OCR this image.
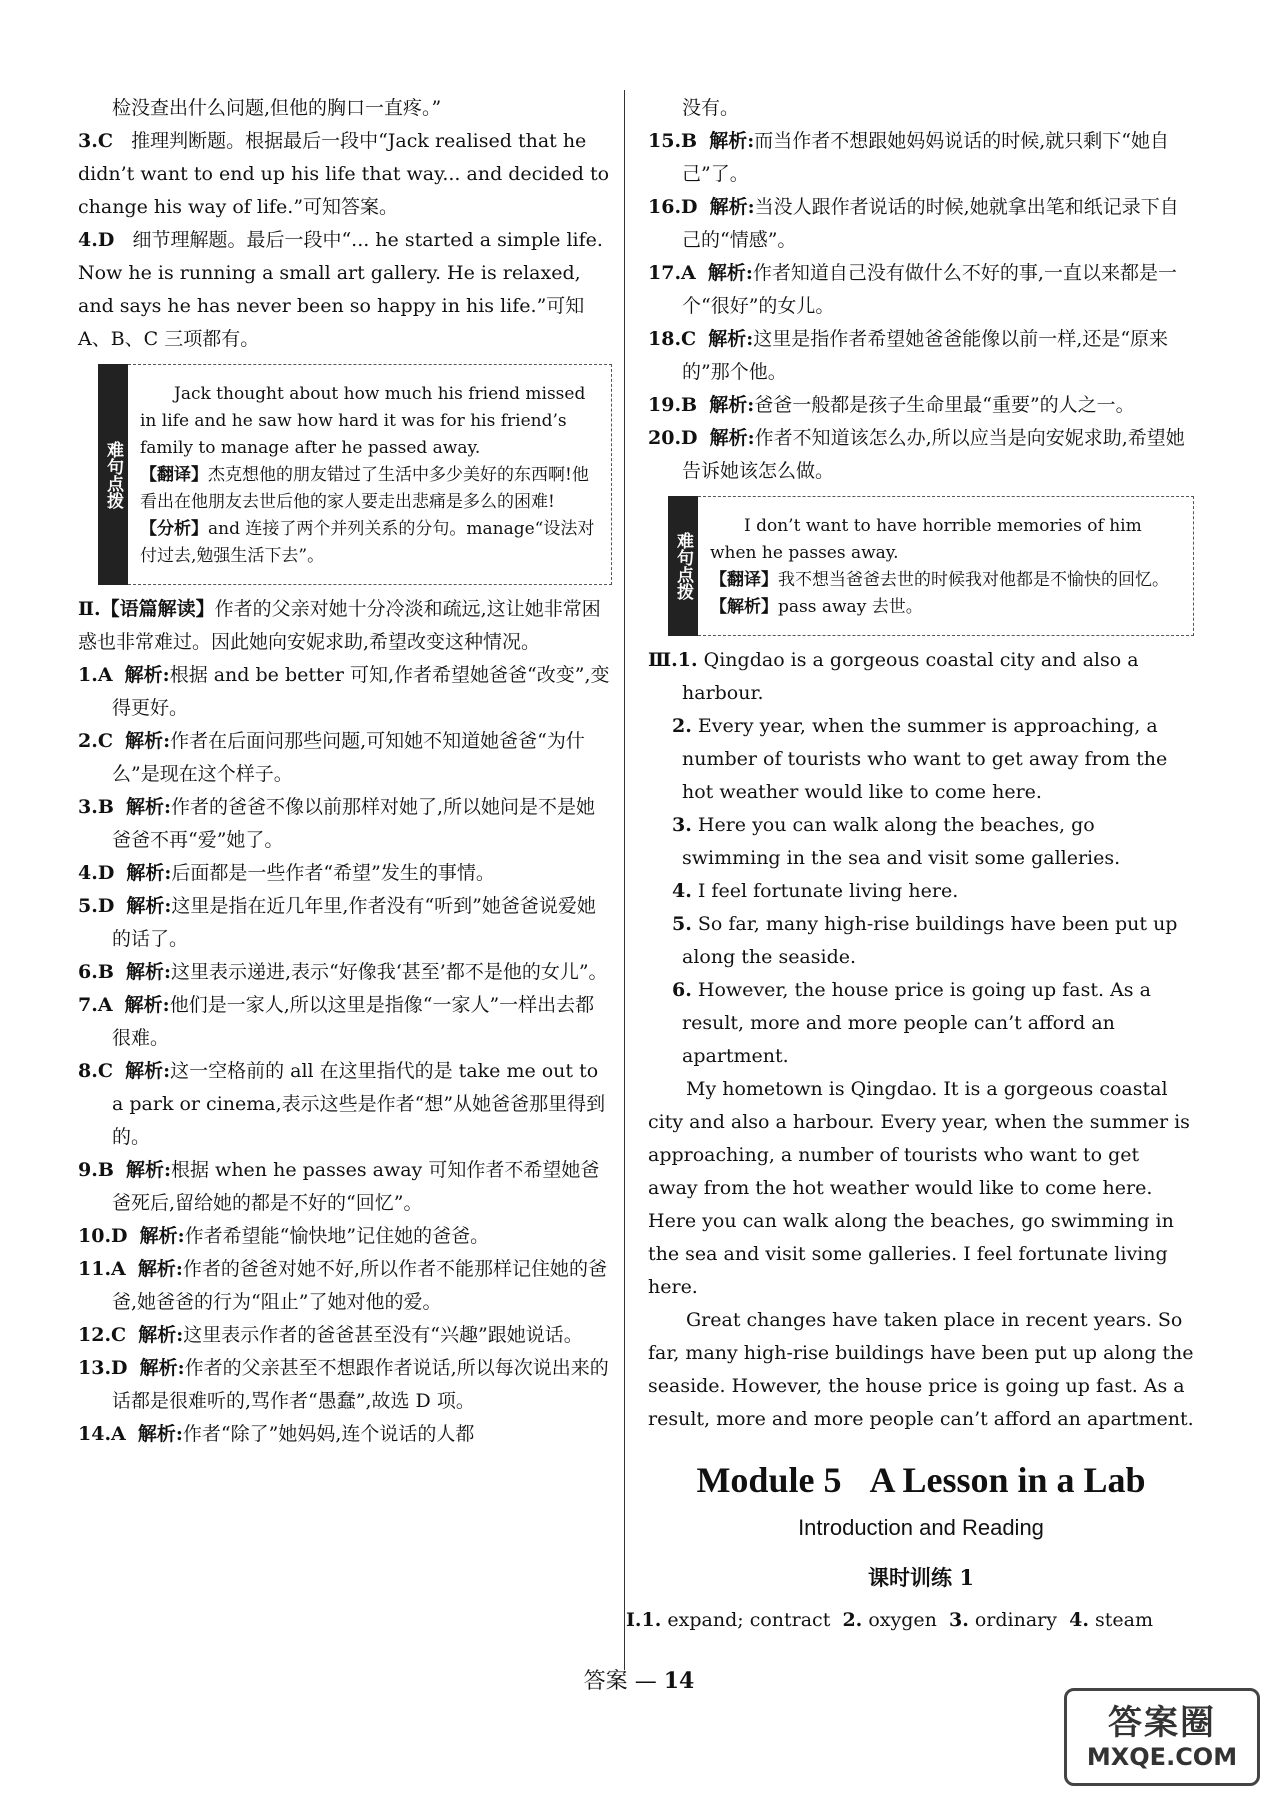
检没查出什么问题,但他的胸口一直疼。”

3.C 推理判断题。根据最后一段中“Jack realised that he didn’t want to end up his life that way... and decided to change his way of life.”可知答案。

4.D 细节理解题。最后一段中“... he started a simple life. Now he is running a small art gallery. He is relaxed, and says he has never been so happy in his life.”可知 A、B、C 三项都有。

难句点拨

Jack thought about how much his friend missed in life and he saw how hard it was for his friend’s family to manage after he passed away.

【翻译】杰克想他的朋友错过了生活中多少美好的东西啊!他看出在他朋友去世后他的家人要走出悲痛是多么的困难!

【分析】and 连接了两个并列关系的分句。manage“设法对付过去,勉强生活下去”。

Ⅱ.【语篇解读】作者的父亲对她十分冷淡和疏远,这让她非常困惑也非常难过。因此她向安妮求助,希望改变这种情况。

1.A 解析:根据 and be better 可知,作者希望她爸爸“改变”,变得更好。

2.C 解析:作者在后面问那些问题,可知她不知道她爸爸“为什么”是现在这个样子。

3.B 解析:作者的爸爸不像以前那样对她了,所以她问是不是她爸爸不再“爱”她了。

4.D 解析:后面都是一些作者“希望”发生的事情。

5.D 解析:这里是指在近几年里,作者没有“听到”她爸爸说爱她的话了。

6.B 解析:这里表示递进,表示“好像我‘甚至’都不是他的女儿”。

7.A 解析:他们是一家人,所以这里是指像“一家人”一样出去都很难。

8.C 解析:这一空格前的 all 在这里指代的是 take me out to a park or cinema,表示这些是作者“想”从她爸爸那里得到的。

9.B 解析:根据 when he passes away 可知作者不希望她爸爸死后,留给她的都是不好的“回忆”。

10.D 解析:作者希望能“愉快地”记住她的爸爸。

11.A 解析:作者的爸爸对她不好,所以作者不能那样记住她的爸爸,她爸爸的行为“阻止”了她对他的爱。

12.C 解析:这里表示作者的爸爸甚至没有“兴趣”跟她说话。

13.D 解析:作者的父亲甚至不想跟作者说话,所以每次说出来的话都是很难听的,骂作者“愚蠢”,故选 D 项。

14.A 解析:作者“除了”她妈妈,连个说话的人都

没有。

15.B 解析:而当作者不想跟她妈妈说话的时候,就只剩下“她自己”了。

16.D 解析:当没人跟作者说话的时候,她就拿出笔和纸记录下自己的“情感”。

17.A 解析:作者知道自己没有做什么不好的事,一直以来都是一个“很好”的女儿。

18.C 解析:这里是指作者希望她爸爸能像以前一样,还是“原来的”那个他。

19.B 解析:爸爸一般都是孩子生命里最“重要”的人之一。

20.D 解析:作者不知道该怎么办,所以应当是向安妮求助,希望她告诉她该怎么做。

难句点拨

I don’t want to have horrible memories of him when he passes away.

【翻译】我不想当爸爸去世的时候我对他都是不愉快的回忆。

【解析】pass away 去世。

Ⅲ.1. Qingdao is a gorgeous coastal city and also a harbour.

2. Every year, when the summer is approaching, a number of tourists who want to get away from the hot weather would like to come here.

3. Here you can walk along the beaches, go swimming in the sea and visit some galleries.

4. I feel fortunate living here.

5. So far, many high-rise buildings have been put up along the seaside.

6. However, the house price is going up fast. As a result, more and more people can’t afford an apartment.

My hometown is Qingdao. It is a gorgeous coastal city and also a harbour. Every year, when the summer is approaching, a number of tourists who want to get away from the hot weather would like to come here. Here you can walk along the beaches, go swimming in the sea and visit some galleries. I feel fortunate living here.

Great changes have taken place in recent years. So far, many high-rise buildings have been put up along the seaside. However, the house price is going up fast. As a result, more and more people can’t afford an apartment.

Module 5 A Lesson in a Lab
Introduction and Reading
课时训练 1

Ⅰ.1. expand; contract 2. oxygen 3. ordinary 4. steam

答案 — 14
答案圈
MXQE.COM
